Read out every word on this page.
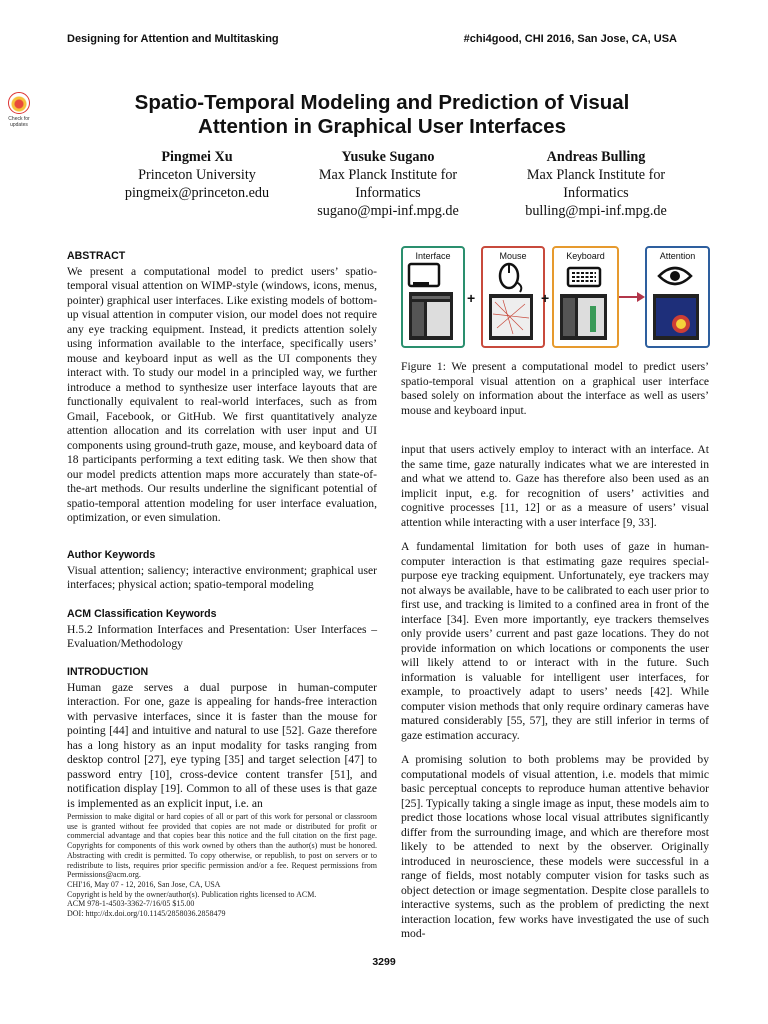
Designing for Attention and Multitasking	#chi4good, CHI 2016, San Jose, CA, USA
Check for updates
Spatio-Temporal Modeling and Prediction of Visual
Attention in Graphical User Interfaces
Pingmei Xu
Princeton University
pingmeix@princeton.edu
Yusuke Sugano
Max Planck Institute for
Informatics
sugano@mpi-inf.mpg.de
Andreas Bulling
Max Planck Institute for
Informatics
bulling@mpi-inf.mpg.de
ABSTRACT

We present a computational model to predict users’ spatio-temporal visual attention on WIMP-style (windows, icons, menus, pointer) graphical user interfaces. Like existing models of bottom-up visual attention in computer vision, our model does not require any eye tracking equipment. Instead, it predicts attention solely using information available to the interface, specifically users’ mouse and keyboard input as well as the UI components they interact with. To study our model in a principled way, we further introduce a method to synthesize user interface layouts that are functionally equivalent to real-world interfaces, such as from Gmail, Facebook, or GitHub. We first quantitatively analyze attention allocation and its correlation with user input and UI components using ground-truth gaze, mouse, and keyboard data of 18 participants performing a text editing task. We then show that our model predicts attention maps more accurately than state-of-the-art methods. Our results underline the significant potential of spatio-temporal attention modeling for user interface evaluation, optimization, or even simulation.

Author Keywords

Visual attention; saliency; interactive environment; graphical user interfaces; physical action; spatio-temporal modeling

ACM Classification Keywords

H.5.2 Information Interfaces and Presentation: User Interfaces – Evaluation/Methodology

INTRODUCTION

Human gaze serves a dual purpose in human-computer interaction. For one, gaze is appealing for hands-free interaction with pervasive interfaces, since it is faster than the mouse for pointing [44] and intuitive and natural to use [52]. Gaze therefore has a long history as an input modality for tasks ranging from desktop control [27], eye typing [35] and target selection [47] to password entry [10], cross-device content transfer [51], and notification display [19]. Common to all of these uses is that gaze is implemented as an explicit input, i.e. an

Permission to make digital or hard copies of all or part of this work for personal or classroom use is granted without fee provided that copies are not made or distributed for profit or commercial advantage and that copies bear this notice and the full citation on the first page. Copyrights for components of this work owned by others than the author(s) must be honored. Abstracting with credit is permitted. To copy otherwise, or republish, to post on servers or to redistribute to lists, requires prior specific permission and/or a fee. Request permissions from Permissions@acm.org.

CHI'16, May 07 - 12, 2016, San Jose, CA, USA

Copyright is held by the owner/author(s). Publication rights licensed to ACM.

ACM 978-1-4503-3362-7/16/05 $15.00

DOI: http://dx.doi.org/10.1145/2858036.2858479

Interface
+
Mouse
+
Keyboard	Attention
Figure 1: We present a computational model to predict users’ spatio-temporal visual attention on a graphical user interface based solely on information about the interface as well as users’ mouse and keyboard input.

input that users actively employ to interact with an interface. At the same time, gaze naturally indicates what we are interested in and what we attend to. Gaze has therefore also been used as an implicit input, e.g. for recognition of users’ activities and cognitive processes [11, 12] or as a measure of users’ visual attention while interacting with a user interface [9, 33].

A fundamental limitation for both uses of gaze in human-computer interaction is that estimating gaze requires special-purpose eye tracking equipment. Unfortunately, eye trackers may not always be available, have to be calibrated to each user prior to first use, and tracking is limited to a confined area in front of the interface [34]. Even more importantly, eye trackers themselves only provide users’ current and past gaze locations. They do not provide information on which locations or components the user will likely attend to or interact with in the future. Such information is valuable for intelligent user interfaces, for example, to proactively adapt to users’ needs [42]. While computer vision methods that only require ordinary cameras have matured considerably [55, 57], they are still inferior in terms of gaze estimation accuracy.

A promising solution to both problems may be provided by computational models of visual attention, i.e. models that mimic basic perceptual concepts to reproduce human attentive behavior [25]. Typically taking a single image as input, these models aim to predict those locations whose local visual attributes significantly differ from the surrounding image, and which are therefore most likely to be attended to next by the observer. Originally introduced in neuroscience, these models were successful in a range of fields, most notably computer vision for tasks such as object detection or image segmentation. Despite close parallels to interactive systems, such as the problem of predicting the next interaction location, few works have investigated the use of such mod-

3299
